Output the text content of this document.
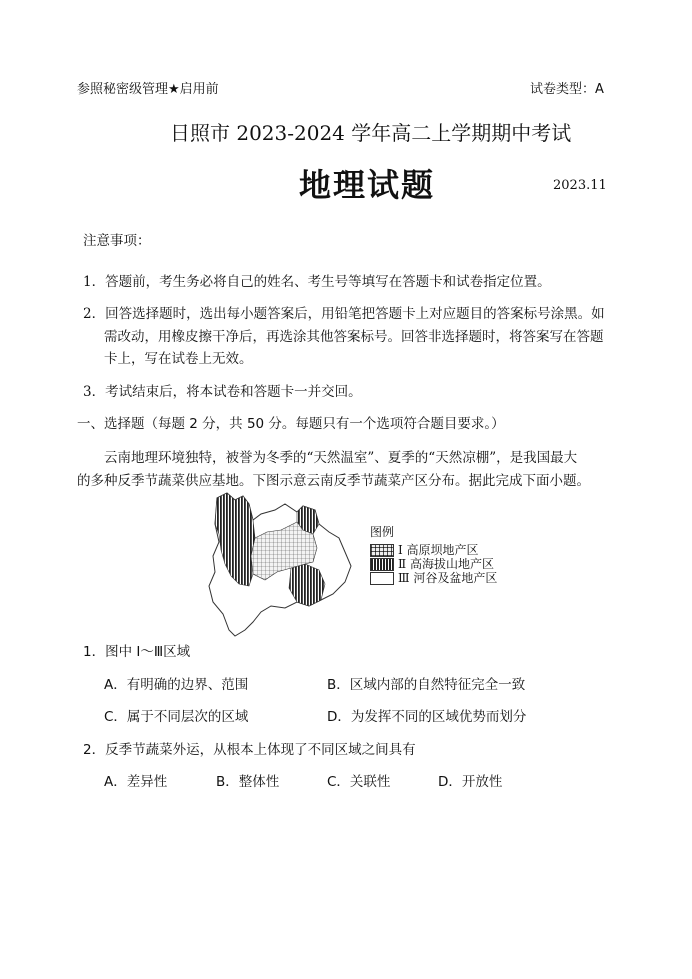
参照秘密级管理★启用前	试卷类型：A
日照市 2023-2024 学年高二上学期期中考试
地理试题	2023.11
注意事项：
1．答题前，考生务必将自己的姓名、考生号等填写在答题卡和试卷指定位置。
2．回答选择题时，选出每小题答案后，用铅笔把答题卡上对应题目的答案标号涂黑。如
需改动，用橡皮擦干净后，再选涂其他答案标号。回答非选择题时，将答案写在答题
卡上，写在试卷上无效。
3．考试结束后，将本试卷和答题卡一并交回。
一、选择题（每题 2 分，共 50 分。每题只有一个选项符合题目要求。）
云南地理环境独特，被誉为冬季的“天然温室”、夏季的“天然凉棚”，是我国最大
的多种反季节蔬菜供应基地。下图示意云南反季节蔬菜产区分布。据此完成下面小题。
图例
Ⅰ 高原坝地产区
Ⅱ 高海拔山地产区
Ⅲ 河谷及盆地产区
1．图中 Ⅰ～Ⅲ区域
A．有明确的边界、范围	B．区域内部的自然特征完全一致
C．属于不同层次的区域	D．为发挥不同的区域优势而划分
2．反季节蔬菜外运，从根本上体现了不同区域之间具有
A．差异性	B．整体性	C．关联性	D．开放性
